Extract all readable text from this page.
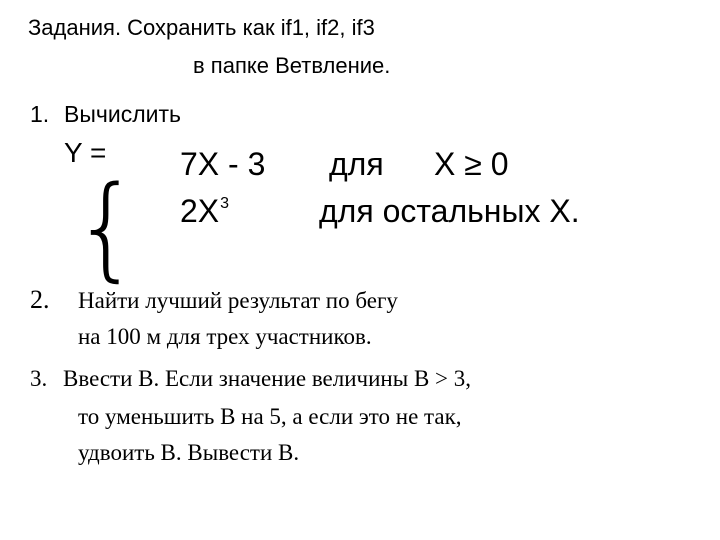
Задания. Сохранить как if1, if2, if3
в папке Ветвление.
1. Вычислить
Y =
{ 7X - 3 для X ≥ 0
$2X^3$	для остальных X.
2. Найти лучший результат по бегу
на 100 м для трех участников.
3. Ввести B. Если значение величины B > 3,
то уменьшить B на 5, а если это не так,
удвоить B. Вывести B.
